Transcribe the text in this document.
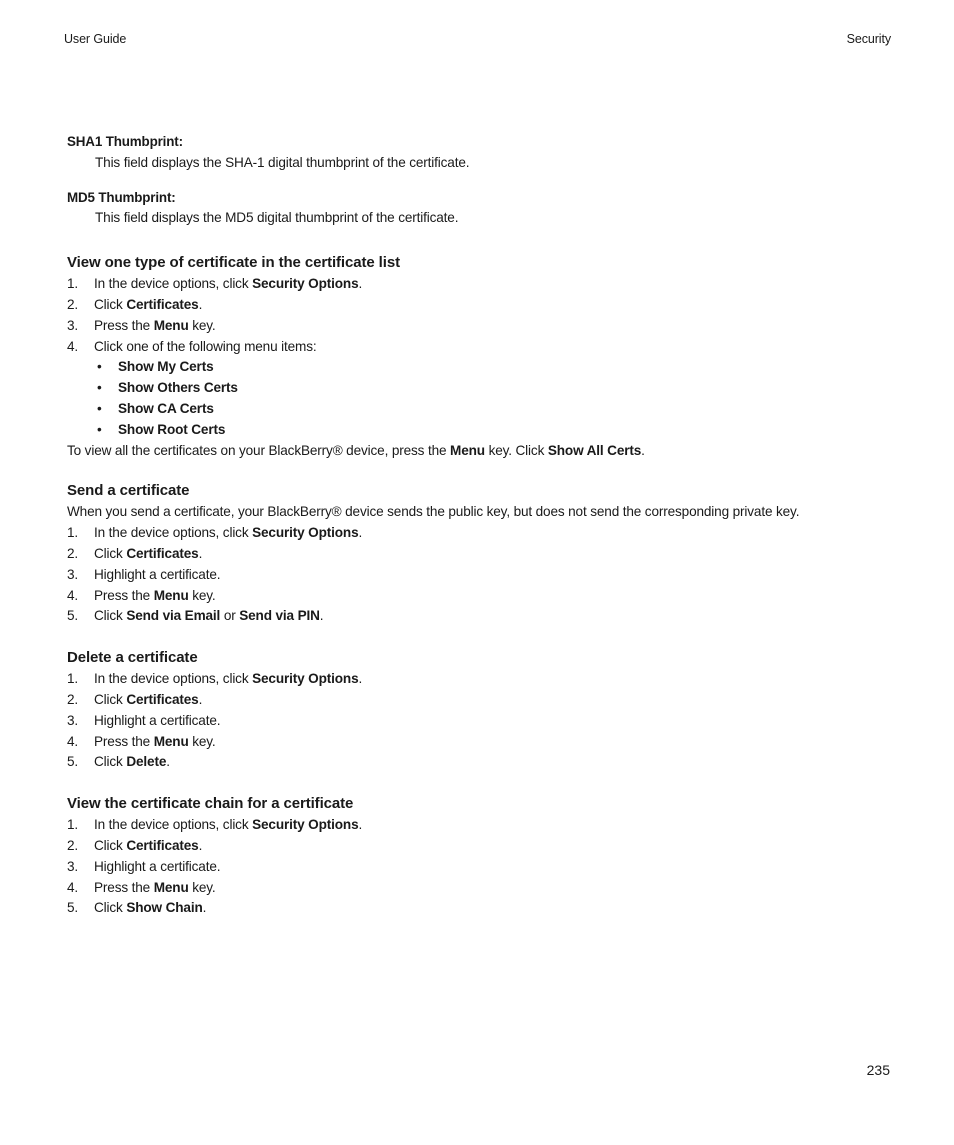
User Guide	Security

SHA1 Thumbprint:

This field displays the SHA-1 digital thumbprint of the certificate.

MD5 Thumbprint:

This field displays the MD5 digital thumbprint of the certificate.

View one type of certificate in the certificate list
1. In the device options, click Security Options.
2. Click Certificates.
3. Press the Menu key.
4. Click one of the following menu items:
• Show My Certs
• Show Others Certs
• Show CA Certs
• Show Root Certs

To view all the certificates on your BlackBerry® device, press the Menu key. Click Show All Certs.

Send a certificate

When you send a certificate, your BlackBerry® device sends the public key, but does not send the corresponding private key.

1. In the device options, click Security Options.
2. Click Certificates.
3. Highlight a certificate.
4. Press the Menu key.
5. Click Send via Email or Send via PIN.
Delete a certificate
1. In the device options, click Security Options.
2. Click Certificates.
3. Highlight a certificate.
4. Press the Menu key.
5. Click Delete.
View the certificate chain for a certificate
1. In the device options, click Security Options.
2. Click Certificates.
3. Highlight a certificate.
4. Press the Menu key.
5. Click Show Chain.
235
